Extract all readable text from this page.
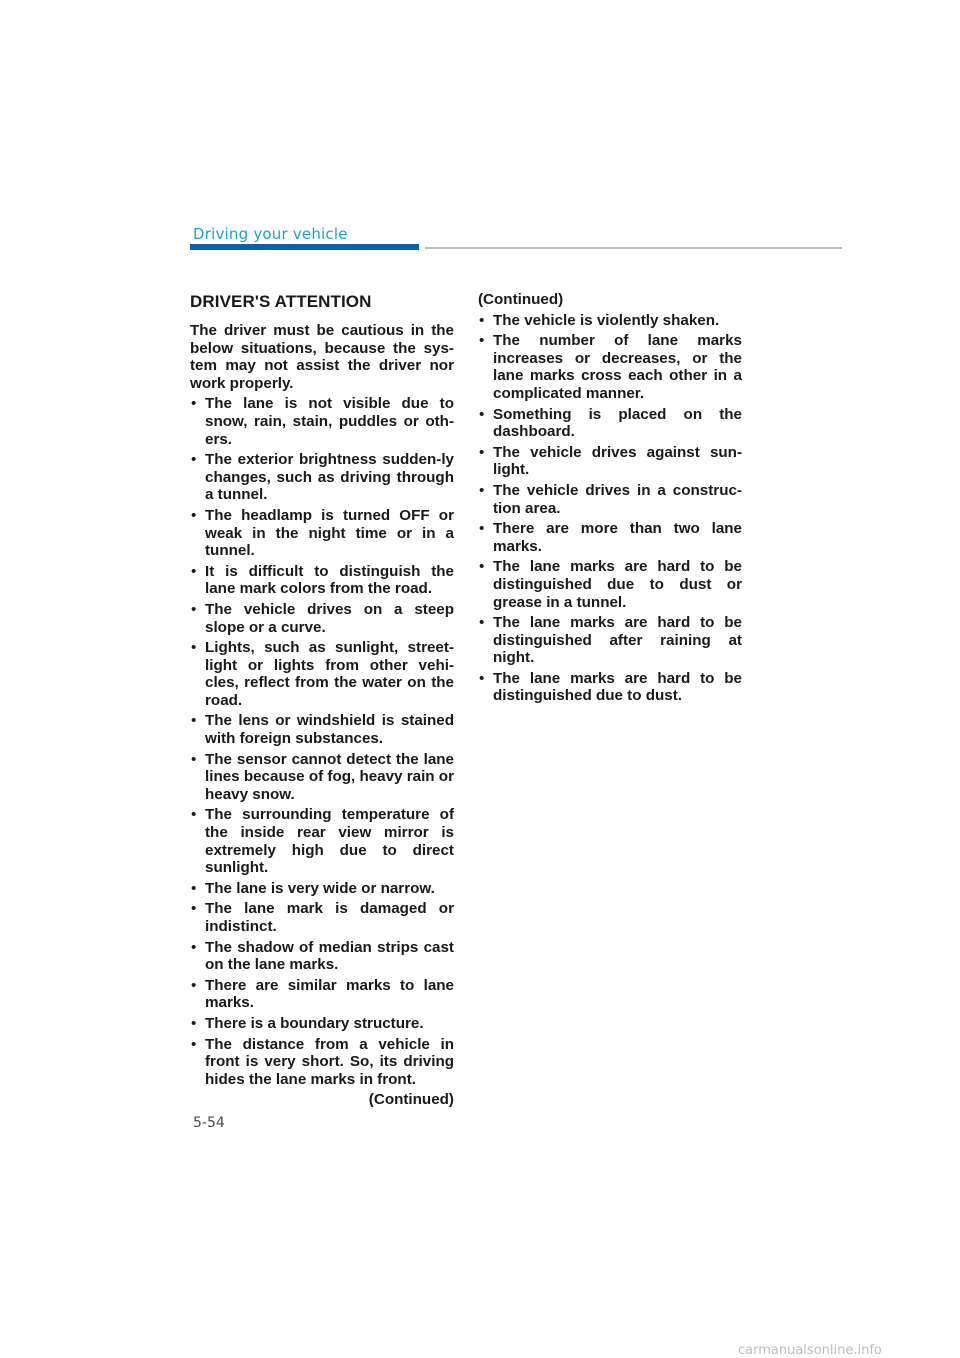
Driving your vehicle
DRIVER'S ATTENTION
The driver must be cautious in the below situations, because the sys-tem may not assist the driver nor work properly.
• The lane is not visible due to snow, rain, stain, puddles or oth-ers.
• The exterior brightness sudden-ly changes, such as driving through a tunnel.
• The headlamp is turned OFF or weak in the night time or in a tunnel.
• It is difficult to distinguish the lane mark colors from the road.
• The vehicle drives on a steep slope or a curve.
• Lights, such as sunlight, street-light or lights from other vehi-cles, reflect from the water on the road.
• The lens or windshield is stained with foreign substances.
• The sensor cannot detect the lane lines because of fog, heavy rain or heavy snow.
• The surrounding temperature of the inside rear view mirror is extremely high due to direct sunlight.
• The lane is very wide or narrow.
• The lane mark is damaged or indistinct.
• The shadow of median strips cast on the lane marks.
• There are similar marks to lane marks.
• There is a boundary structure.
• The distance from a vehicle in front is very short. So, its driving hides the lane marks in front.
(Continued)
(Continued)
• The vehicle is violently shaken.
• The number of lane marks increases or decreases, or the lane marks cross each other in a complicated manner.
• Something is placed on the dashboard.
• The vehicle drives against sun-light.
• The vehicle drives in a construc-tion area.
• There are more than two lane marks.
• The lane marks are hard to be distinguished due to dust or grease in a tunnel.
• The lane marks are hard to be distinguished after raining at night.
• The lane marks are hard to be distinguished due to dust.
5-54
carmanualsonline.info
